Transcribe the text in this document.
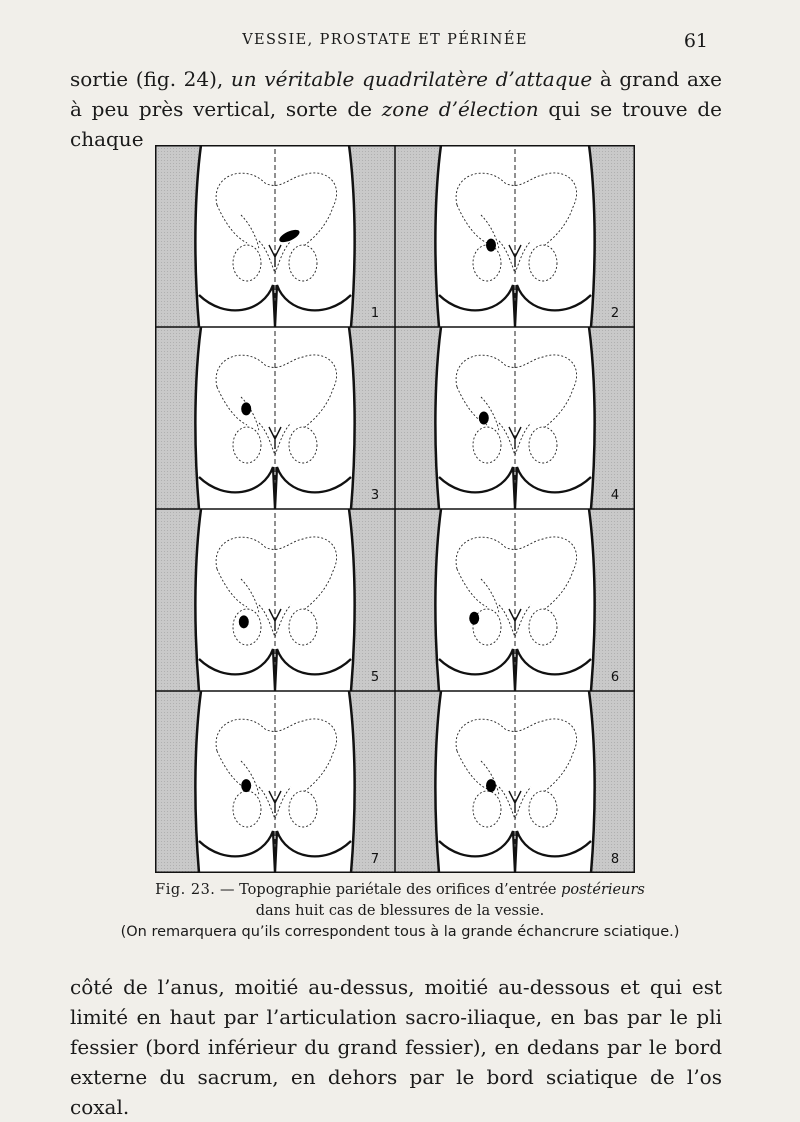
VESSIE, PROSTATE ET PÉRINÉE	61

sortie (fig. 24), un véritable quadrilatère d’attaque à grand axe à peu près vertical, sorte de zone d’élection qui se trouve de chaque

1	2
3	4
5	6
7	8
Fig. 23. — Topographie pariétale des orifices d’entrée postérieurs
dans huit cas de blessures de la vessie.
(On remarquera qu’ils correspondent tous à la grande échancrure sciatique.)

côté de l’anus, moitié au-dessus, moitié au-dessous et qui est limité en haut par l’articulation sacro-iliaque, en bas par le pli fessier (bord inférieur du grand fessier), en dedans par le bord externe du sacrum, en dehors par le bord sciatique de l’os coxal.
